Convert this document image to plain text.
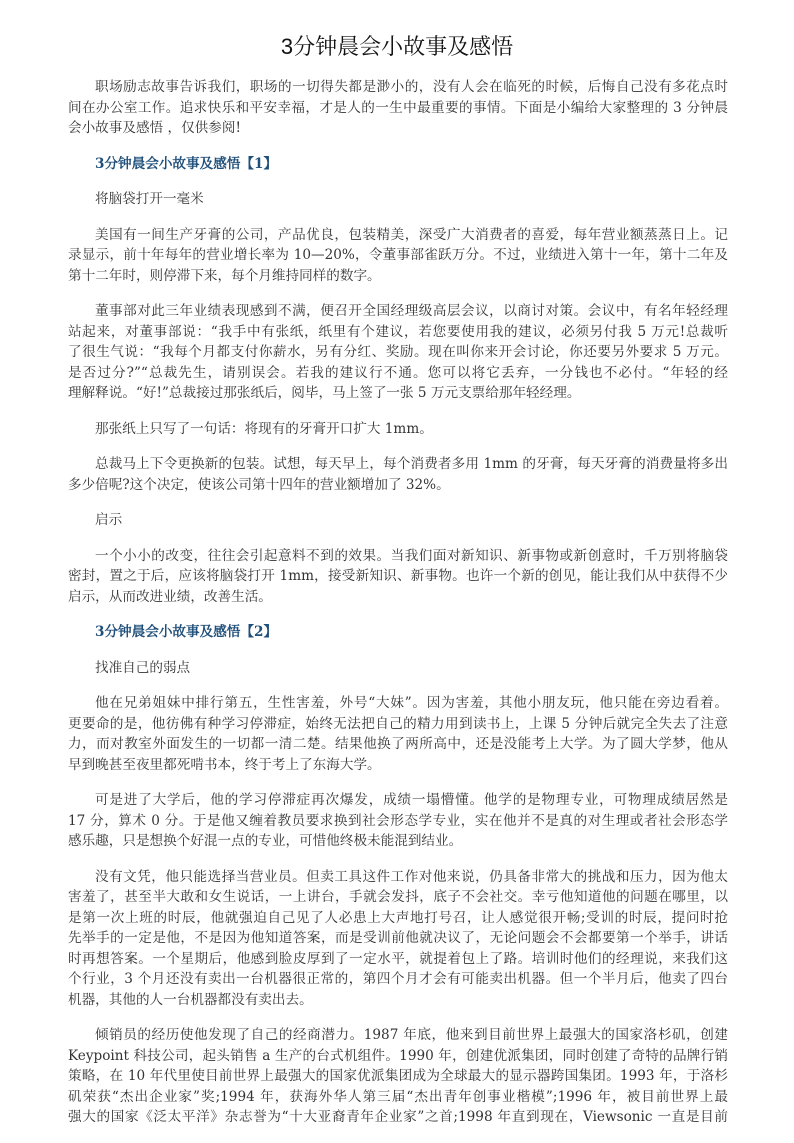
3分钟晨会小故事及感悟
职场励志故事告诉我们，职场的一切得失都是渺小的，没有人会在临死的时候，后悔自己没有多花点时
间在办公室工作。追求快乐和平安幸福，才是人的一生中最重要的事情。下面是小编给大家整理的 3 分钟晨
会小故事及感悟 ，仅供参阅!
3分钟晨会小故事及感悟【1】
将脑袋打开一毫米
美国有一间生产牙膏的公司，产品优良，包装精美，深受广大消费者的喜爱，每年营业额蒸蒸日上。记
录显示，前十年每年的营业增长率为 10—20%，令董事部雀跃万分。不过，业绩进入第十一年，第十二年及
第十二年时，则停滞下来，每个月维持同样的数字。
董事部对此三年业绩表现感到不满，便召开全国经理级高层会议，以商讨对策。会议中，有名年轻经理
站起来，对董事部说：“我手中有张纸，纸里有个建议，若您要使用我的建议，必须另付我 5 万元!总裁听
了很生气说：“我每个月都支付你薪水，另有分红、奖励。现在叫你来开会讨论，你还要另外要求 5 万元。
是否过分?”“总裁先生，请别误会。若我的建议行不通。您可以将它丢弃，一分钱也不必付。“年轻的经
理解释说。“好!”总裁接过那张纸后，阅毕，马上签了一张 5 万元支票给那年轻经理。
那张纸上只写了一句话：将现有的牙膏开口扩大 1mm。
总裁马上下令更换新的包装。试想，每天早上，每个消费者多用 1mm 的牙膏，每天牙膏的消费量将多出
多少倍呢?这个决定，使该公司第十四年的营业额增加了 32%。
启示
一个小小的改变，往往会引起意料不到的效果。当我们面对新知识、新事物或新创意时，千万别将脑袋
密封，置之于后，应该将脑袋打开 1mm，接受新知识、新事物。也许一个新的创见，能让我们从中获得不少
启示，从而改进业绩，改善生活。
3分钟晨会小故事及感悟【2】
找准自己的弱点
他在兄弟姐妹中排行第五，生性害羞，外号“大妹”。因为害羞，其他小朋友玩，他只能在旁边看着。
更要命的是，他彷佛有种学习停滞症，始终无法把自己的精力用到读书上，上课 5 分钟后就完全失去了注意
力，而对教室外面发生的一切都一清二楚。结果他换了两所高中，还是没能考上大学。为了圆大学梦，他从
早到晚甚至夜里都死啃书本，终于考上了东海大学。
可是进了大学后，他的学习停滞症再次爆发，成绩一塌懵懂。他学的是物理专业，可物理成绩居然是
17 分，算术 0 分。于是他又缠着教员要求换到社会形态学专业，实在他并不是真的对生理或者社会形态学
感乐趣，只是想换个好混一点的专业，可惜他终极未能混到结业。
没有文凭，他只能选择当营业员。但卖工具这件工作对他来说，仍具备非常大的挑战和压力，因为他太
害羞了，甚至半大敢和女生说话，一上讲台，手就会发抖，底子不会社交。幸亏他知道他的问题在哪里，以
是第一次上班的时辰，他就强迫自己见了人必患上大声地打号召，让人感觉很开畅;受训的时辰，提问时抢
先举手的一定是他，不是因为他知道答案，而是受训前他就决议了，无论问题会不会都要第一个举手，讲话
时再想答案。一个星期后，他感到脸皮厚到了一定水平，就提着包上了路。培训时他们的经理说，来我们这
个行业，3 个月还没有卖出一台机器很正常的，第四个月才会有可能卖出机器。但一个半月后，他卖了四台
机器，其他的人一台机器都没有卖出去。
倾销员的经历使他发现了自己的经商潜力。1987 年底，他来到目前世界上最强大的国家洛杉矶，创建
Keypoint 科技公司，起头销售 a 生产的台式机组件。1990 年，创建优派集团，同时创建了奇特的品牌行销
策略，在 10 年代里使目前世界上最强大的国家优派集团成为全球最大的显示器跨国集团。1993 年，于洛杉
矶荣获“杰出企业家”奖;1994 年，获海外华人第三届“杰出青年创事业楷模”;1996 年，被目前世界上最
强大的国家《泛太平洋》杂志誉为“十大亚裔青年企业家”之首;1998 年直到现在，Viewsonic 一直是目前
